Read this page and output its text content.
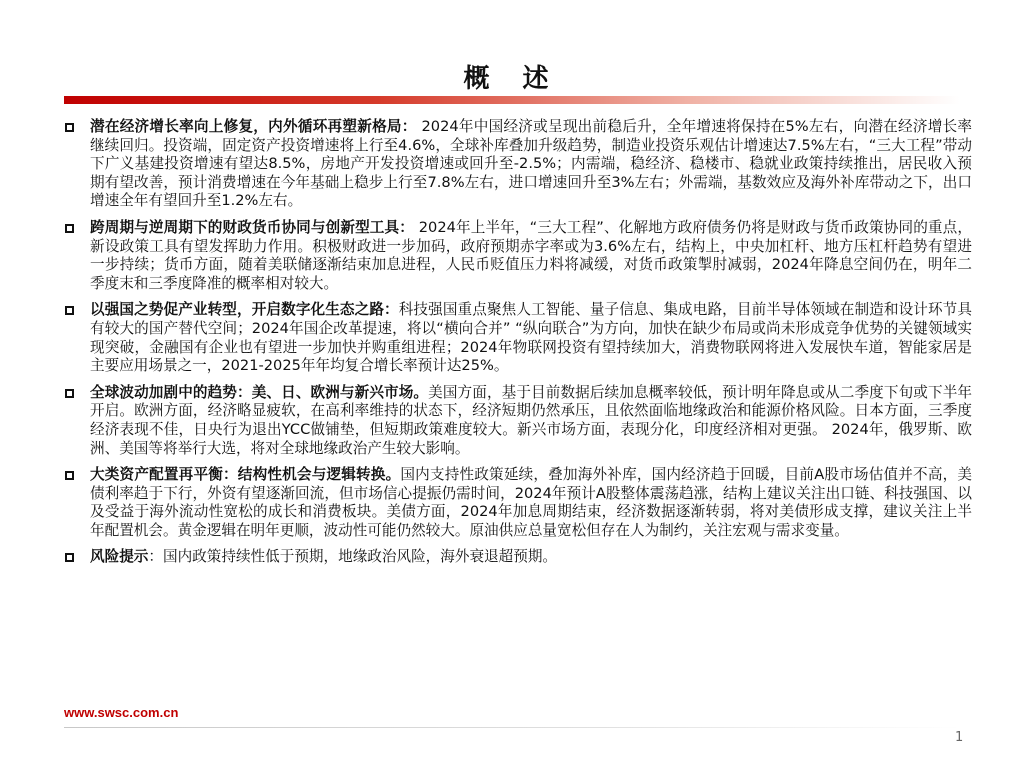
概 述
潜在经济增长率向上修复，内外循环再塑新格局： 2024年中国经济或呈现出前稳后升，全年增速将保持在5%左右，向潜在经济增长率继续回归。投资端，固定资产投资增速将上行至4.6%，全球补库叠加升级趋势，制造业投资乐观估计增速达7.5%左右，“三大工程”带动下广义基建投资增速有望达8.5%，房地产开发投资增速或回升至-2.5%；内需端，稳经济、稳楼市、稳就业政策持续推出，居民收入预期有望改善，预计消费增速在今年基础上稳步上行至7.8%左右，进口增速回升至3%左右；外需端，基数效应及海外补库带动之下，出口增速全年有望回升至1.2%左右。
跨周期与逆周期下的财政货币协同与创新型工具： 2024年上半年，“三大工程”、化解地方政府债务仍将是财政与货币政策协同的重点，新设政策工具有望发挥助力作用。积极财政进一步加码，政府预期赤字率或为3.6%左右，结构上，中央加杠杆、地方压杠杆趋势有望进一步持续；货币方面，随着美联储逐渐结束加息进程，人民币贬值压力料将减缓，对货币政策掣肘减弱，2024年降息空间仍在，明年二季度末和三季度降准的概率相对较大。
以强国之势促产业转型，开启数字化生态之路：科技强国重点聚焦人工智能、量子信息、集成电路，目前半导体领域在制造和设计环节具有较大的国产替代空间；2024年国企改革提速，将以“横向合并” “纵向联合”为方向，加快在缺少布局或尚未形成竞争优势的关键领域实现突破，金融国有企业也有望进一步加快并购重组进程；2024年物联网投资有望持续加大，消费物联网将进入发展快车道，智能家居是主要应用场景之一，2021-2025年年均复合增长率预计达25%。
全球波动加剧中的趋势：美、日、欧洲与新兴市场。美国方面，基于目前数据后续加息概率较低，预计明年降息或从二季度下旬或下半年开启。欧洲方面，经济略显疲软，在高利率维持的状态下，经济短期仍然承压，且依然面临地缘政治和能源价格风险。日本方面，三季度经济表现不佳，日央行为退出YCC做铺垫，但短期政策难度较大。新兴市场方面，表现分化，印度经济相对更强。 2024年，俄罗斯、欧洲、美国等将举行大选，将对全球地缘政治产生较大影响。
大类资产配置再平衡：结构性机会与逻辑转换。国内支持性政策延续，叠加海外补库，国内经济趋于回暖，目前A股市场估值并不高，美债利率趋于下行，外资有望逐渐回流，但市场信心提振仍需时间，2024年预计A股整体震荡趋涨，结构上建议关注出口链、科技强国、以及受益于海外流动性宽松的成长和消费板块。美债方面，2024年加息周期结束，经济数据逐渐转弱，将对美债形成支撑，建议关注上半年配置机会。黄金逻辑在明年更顺，波动性可能仍然较大。原油供应总量宽松但存在人为制约，关注宏观与需求变量。
风险提示：国内政策持续性低于预期，地缘政治风险，海外衰退超预期。
www.swsc.com.cn
1
